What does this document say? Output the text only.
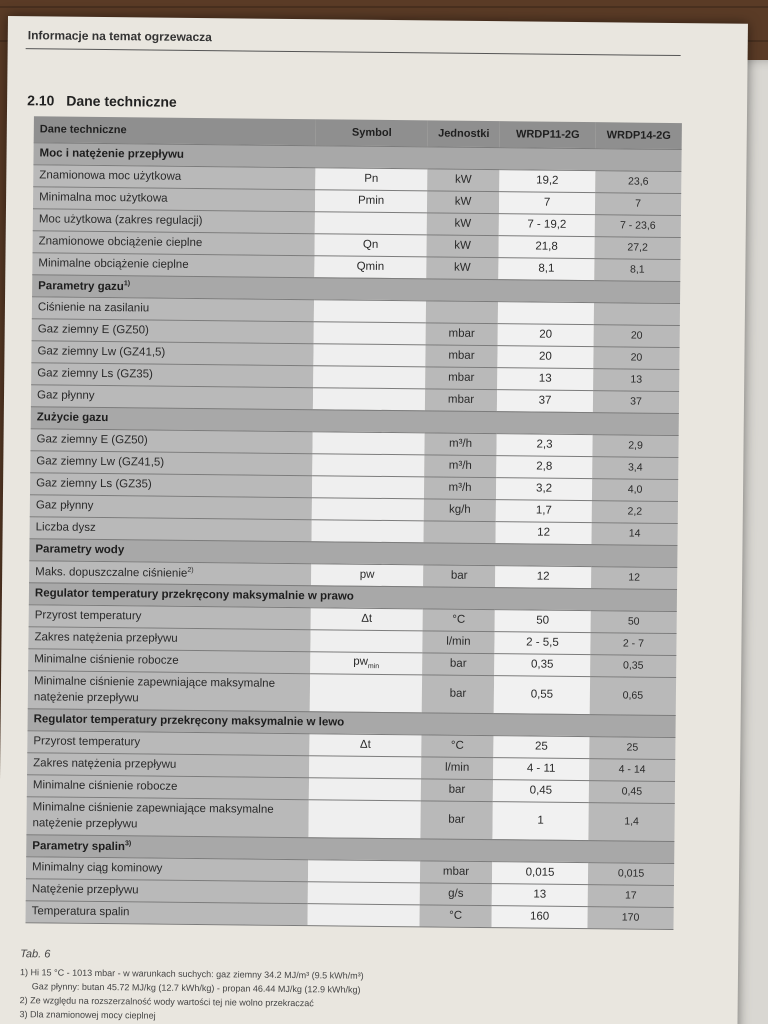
Informacje na temat ogrzewacza
2.10 Dane techniczne
Dane techniczne	Symbol	Jednostki	WRDP11-2G	WRDP14-2G
Moc i natężenie przepływu				
Znamionowa moc użytkowa	Pn	kW	19,2	23,6
Minimalna moc użytkowa	Pmin	kW	7	7
Moc użytkowa (zakres regulacji)		kW	7 - 19,2	7 - 23,6
Znamionowe obciążenie cieplne	Qn	kW	21,8	27,2
Minimalne obciążenie cieplne	Qmin	kW	8,1	8,1
Parametry gazu$^{1)}$
Ciśnienie na zasilaniu				
Gaz ziemny E (GZ50)		mbar	20	20
Gaz ziemny Lw (GZ41,5)		mbar	20	20
Gaz ziemny Ls (GZ35)		mbar	13	13
Gaz płynny		mbar	37	37
Zużycie gazu				
Gaz ziemny E (GZ50)		m³/h	2,3	2,9
Gaz ziemny Lw (GZ41,5)		m³/h	2,8	3,4
Gaz ziemny Ls (GZ35)		m³/h	3,2	4,0
Gaz płynny		kg/h	1,7	2,2
Liczba dysz			12	14
Parametry wody				
Maks. dopuszczalne ciśnienie$^{2)}$	pw	bar	12	12
Regulator temperatury przekręcony maksymalnie w prawo				
Przyrost temperatury	Δt	°C	50	50
Zakres natężenia przepływu		l/min	2 - 5,5	2 - 7
Minimalne ciśnienie robocze	$pw_{min}$	bar	0,35	0,35
Minimalne ciśnienie zapewniające maksymalne natężenie przepływu		bar	0,55	0,65
Regulator temperatury przekręcony maksymalnie w lewo				
Przyrost temperatury	Δt	°C	25	25
Zakres natężenia przepływu		l/min	4 - 11	4 - 14
Minimalne ciśnienie robocze		bar	0,45	0,45
Minimalne ciśnienie zapewniające maksymalne natężenie przepływu		bar	1	1,4
Parametry spalin$^{3)}$
Minimalny ciąg kominowy		mbar	0,015	0,015
Natężenie przepływu		g/s	13	17
Temperatura spalin		°C	160	170
Tab. 6
1) Hi 15 °C - 1013 mbar - w warunkach suchych: gaz ziemny 34.2 MJ/m³ (9.5 kWh/m³)
Gaz płynny: butan 45.72 MJ/kg (12.7 kWh/kg) - propan 46.44 MJ/kg (12.9 kWh/kg)
2) Ze względu na rozszerzalność wody wartości tej nie wolno przekraczać
3) Dla znamionowej mocy cieplnej
